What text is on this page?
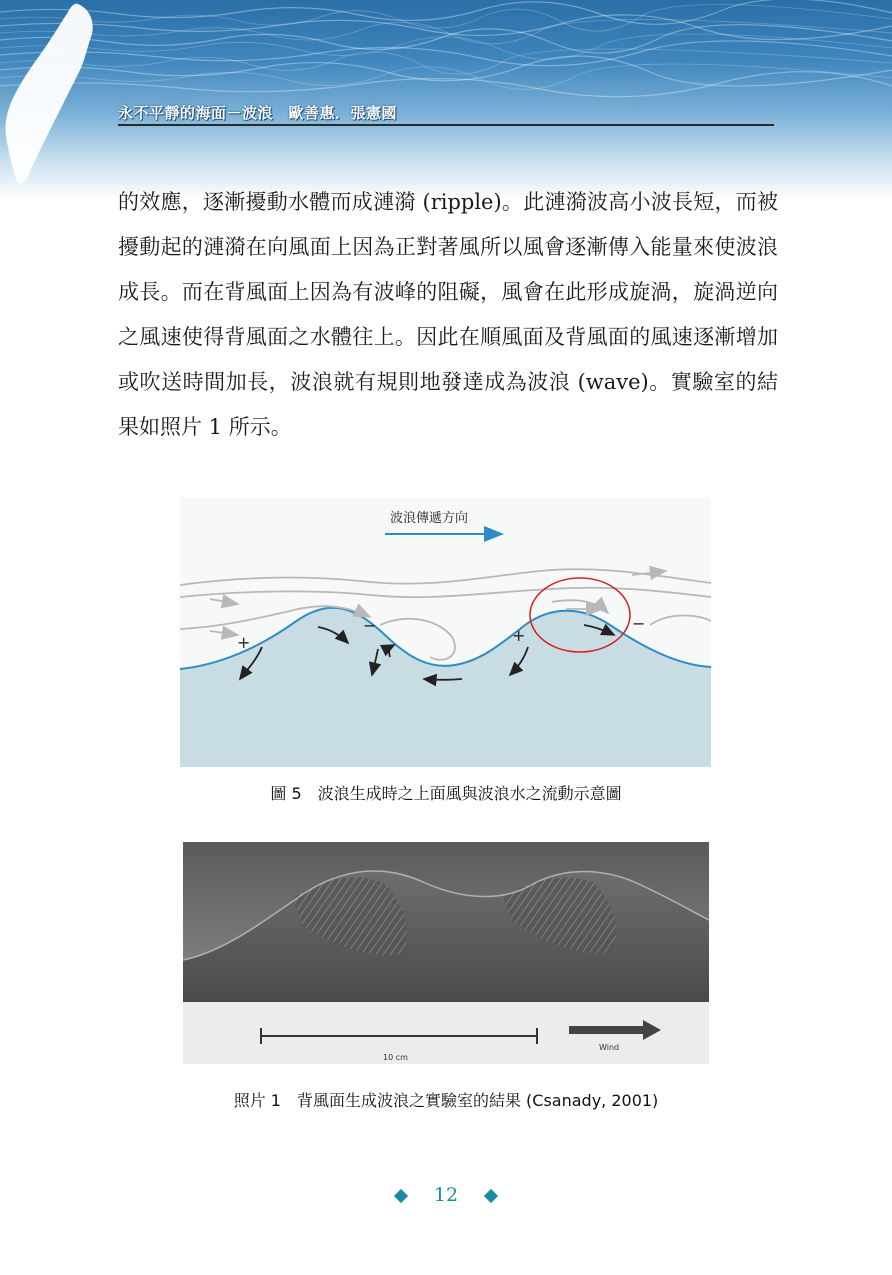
永不平靜的海面－波浪　歐善惠．張憲國

的效應，逐漸擾動水體而成漣漪 (ripple)。此漣漪波高小波長短，而被擾動起的漣漪在向風面上因為正對著風所以風會逐漸傳入能量來使波浪成長。而在背風面上因為有波峰的阻礙，風會在此形成旋渦，旋渦逆向之風速使得背風面之水體往上。因此在順風面及背風面的風速逐漸增加或吹送時間加長，波浪就有規則地發達成為波浪 (wave)。實驗室的結果如照片 1 所示。

波浪傳遞方向
+
−
+
−
圖 5　波浪生成時之上面風與波浪水之流動示意圖
10 cm
Wind
照片 1　背風面生成波浪之實驗室的結果 (Csanady, 2001)
12
